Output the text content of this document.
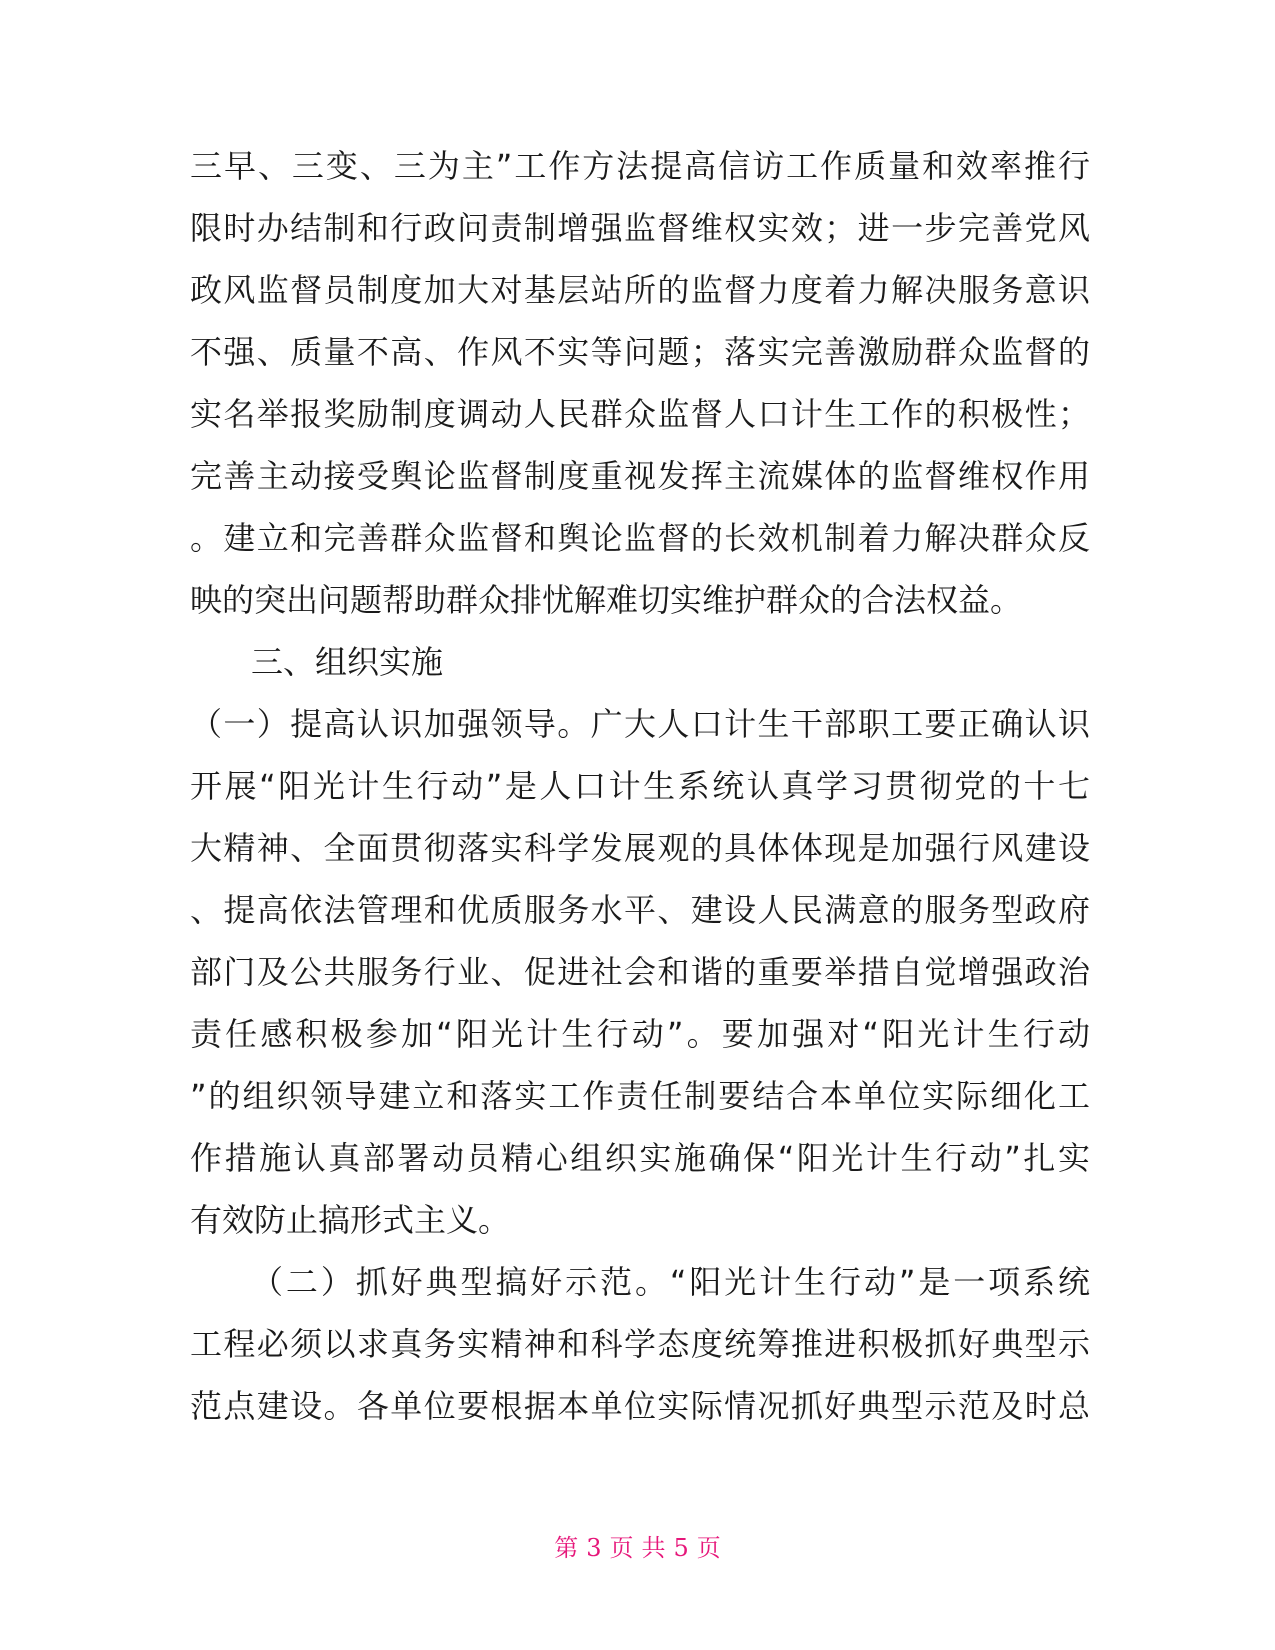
三早、三变、三为主”工作方法提高信访工作质量和效率推行
限时办结制和行政问责制增强监督维权实效；进一步完善党风
政风监督员制度加大对基层站所的监督力度着力解决服务意识
不强、质量不高、作风不实等问题；落实完善激励群众监督的
实名举报奖励制度调动人民群众监督人口计生工作的积极性；
完善主动接受舆论监督制度重视发挥主流媒体的监督维权作用
。建立和完善群众监督和舆论监督的长效机制着力解决群众反
映的突出问题帮助群众排忧解难切实维护群众的合法权益。
三、组织实施
（一）提高认识加强领导。广大人口计生干部职工要正确认识
开展“阳光计生行动”是人口计生系统认真学习贯彻党的十七
大精神、全面贯彻落实科学发展观的具体体现是加强行风建设
、提高依法管理和优质服务水平、建设人民满意的服务型政府
部门及公共服务行业、促进社会和谐的重要举措自觉增强政治
责任感积极参加“阳光计生行动”。要加强对“阳光计生行动
”的组织领导建立和落实工作责任制要结合本单位实际细化工
作措施认真部署动员精心组织实施确保“阳光计生行动”扎实
有效防止搞形式主义。
（二）抓好典型搞好示范。“阳光计生行动”是一项系统
工程必须以求真务实精神和科学态度统筹推进积极抓好典型示
范点建设。各单位要根据本单位实际情况抓好典型示范及时总
第 3 页 共 5 页
